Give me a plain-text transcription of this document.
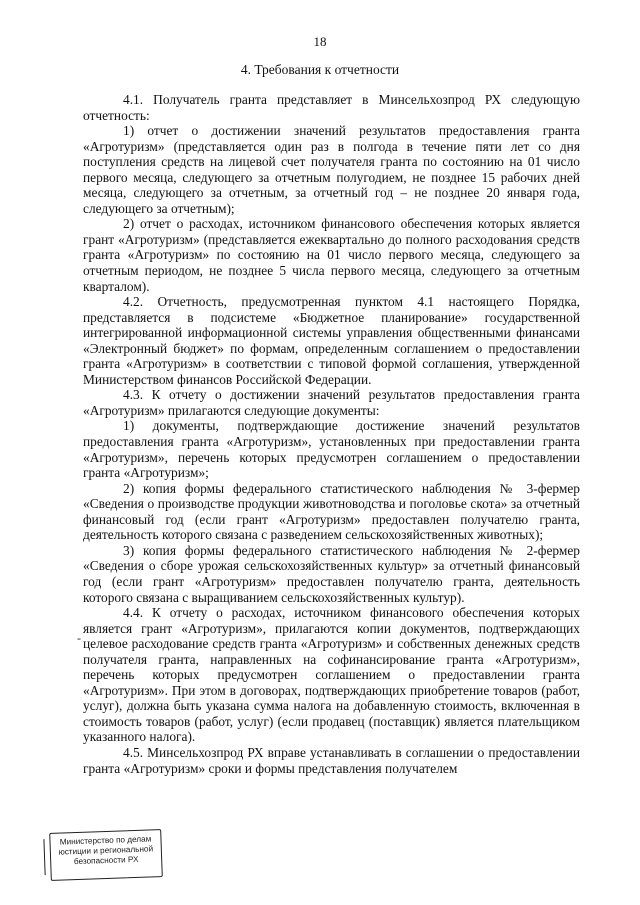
18
4. Требования к отчетности

4.1. Получатель гранта представляет в Минсельхозпрод РХ следующую отчетность:

1) отчет о достижении значений результатов предоставления гранта «Агротуризм» (представляется один раз в полгода в течение пяти лет со дня поступления средств на лицевой счет получателя гранта по состоянию на 01 число первого месяца, следующего за отчетным полугодием, не позднее 15 рабочих дней месяца, следующего за отчетным, за отчетный год – не позднее 20 января года, следующего за отчетным);

2) отчет о расходах, источником финансового обеспечения которых является грант «Агротуризм» (представляется ежеквартально до полного расходования средств гранта «Агротуризм» по состоянию на 01 число первого месяца, следующего за отчетным периодом, не позднее 5 числа первого месяца, следующего за отчетным кварталом).

4.2. Отчетность, предусмотренная пунктом 4.1 настоящего Порядка, представляется в подсистеме «Бюджетное планирование» государственной интегрированной информационной системы управления общественными финансами «Электронный бюджет» по формам, определенным соглашением о предоставлении гранта «Агротуризм» в соответствии с типовой формой соглашения, утвержденной Министерством финансов Российской Федерации.

4.3. К отчету о достижении значений результатов предоставления гранта «Агротуризм» прилагаются следующие документы:

1) документы, подтверждающие достижение значений результатов предоставления гранта «Агротуризм», установленных при предоставлении гранта «Агротуризм», перечень которых предусмотрен соглашением о предоставлении гранта «Агротуризм»;

2) копия формы федерального статистического наблюдения № 3-фермер «Сведения о производстве продукции животноводства и поголовье скота» за отчетный финансовый год (если грант «Агротуризм» предоставлен получателю гранта, деятельность которого связана с разведением сельскохозяйственных животных);

3) копия формы федерального статистического наблюдения № 2-фермер «Сведения о сборе урожая сельскохозяйственных культур» за отчетный финансовый год (если грант «Агротуризм» предоставлен получателю гранта, деятельность которого связана с выращиванием сельскохозяйственных культур).

4.4. К отчету о расходах, источником финансового обеспечения которых является грант «Агротуризм», прилагаются копии документов, подтверждающих целевое расходование средств гранта «Агротуризм» и собственных денежных средств получателя гранта, направленных на софинансирование гранта «Агротуризм», перечень которых предусмотрен соглашением о предоставлении гранта «Агротуризм». При этом в договорах, подтверждающих приобретение товаров (работ, услуг), должна быть указана сумма налога на добавленную стоимость, включенная в стоимость товаров (работ, услуг) (если продавец (поставщик) является плательщиком указанного налога).

4.5. Минсельхозпрод РХ вправе устанавливать в соглашении о предоставлении гранта «Агротуризм» сроки и формы представления получателем

-
Министерство по делам
юстиции и региональной
безопасности РХ
